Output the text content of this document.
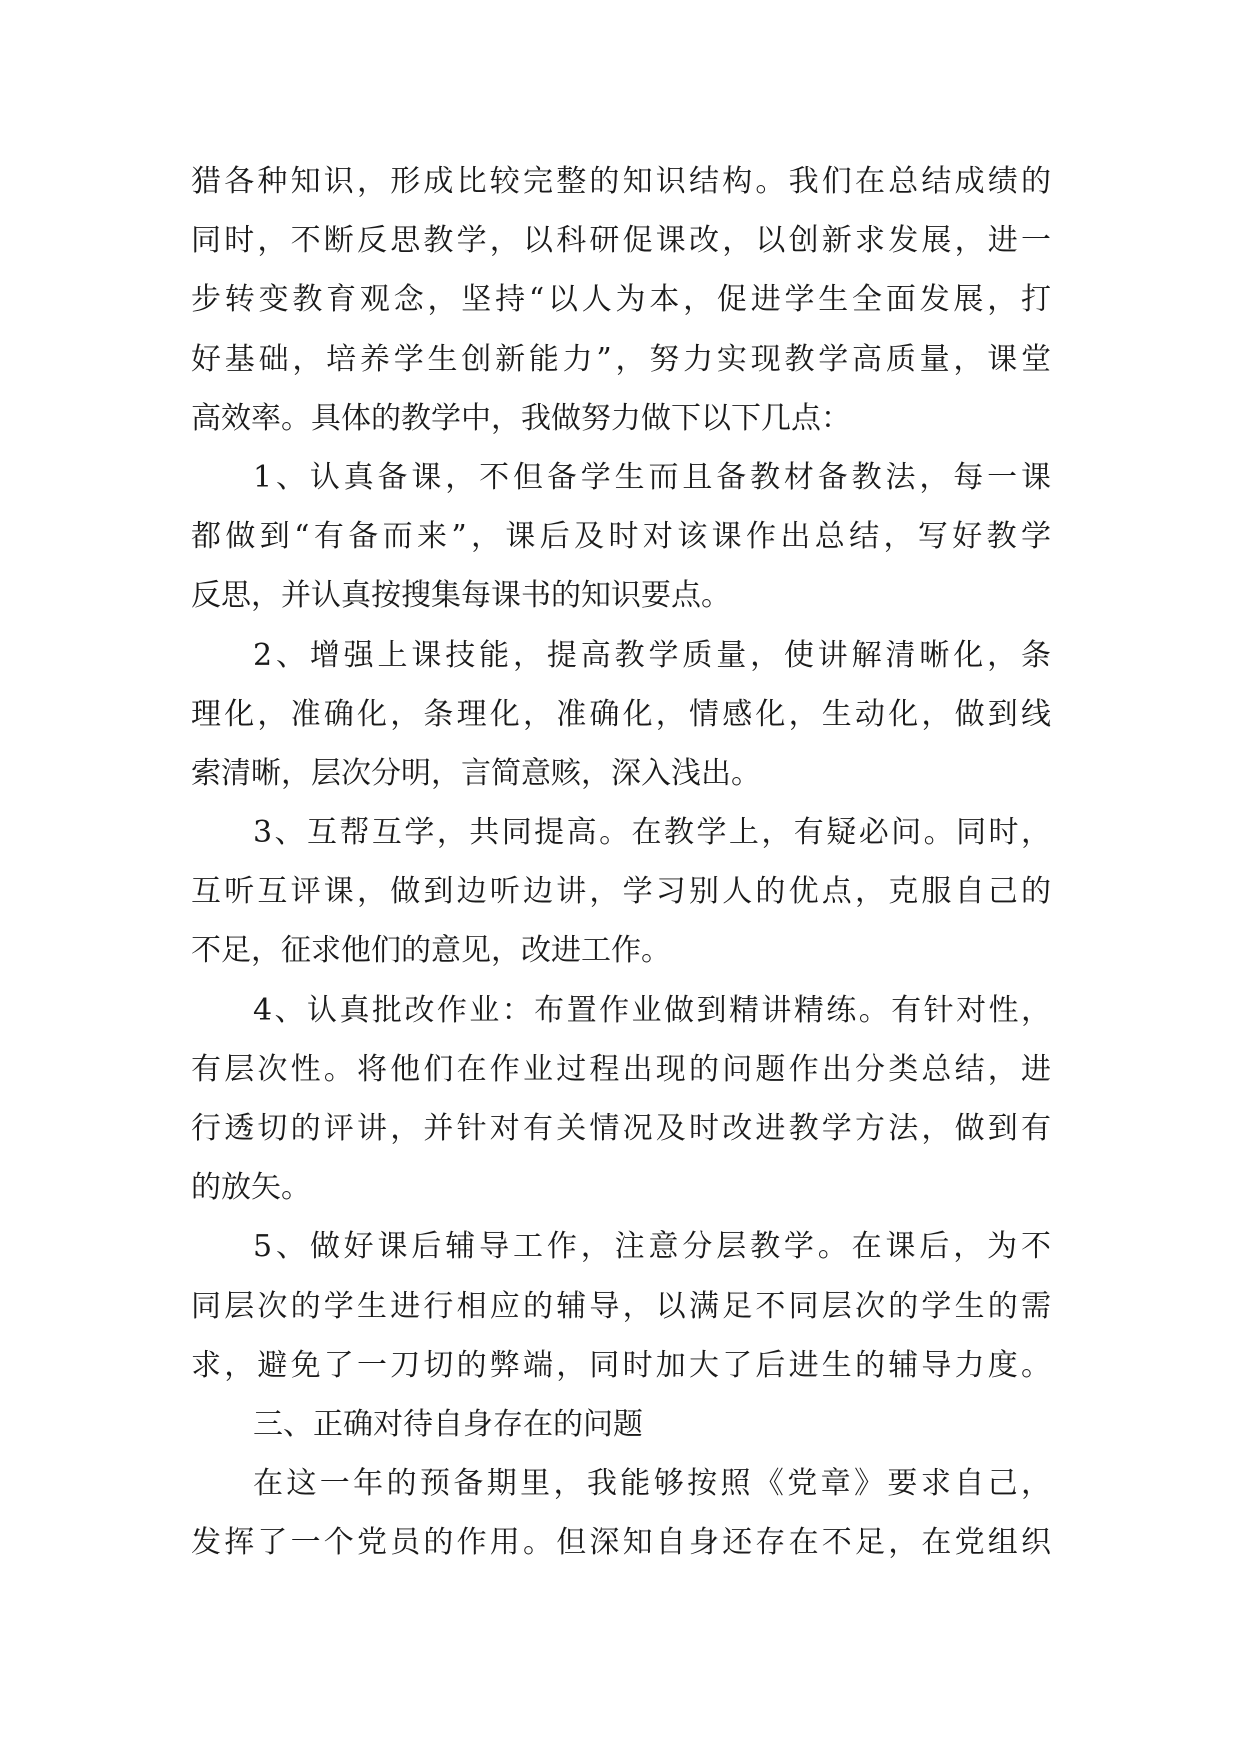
猎各种知识，形成比较完整的知识结构。我们在总结成绩的
同时，不断反思教学，以科研促课改，以创新求发展，进一
步转变教育观念，坚持“以人为本，促进学生全面发展，打
好基础，培养学生创新能力”，努力实现教学高质量，课堂
高效率。具体的教学中，我做努力做下以下几点：
1、认真备课，不但备学生而且备教材备教法，每一课
都做到“有备而来”，课后及时对该课作出总结，写好教学
反思，并认真按搜集每课书的知识要点。
2、增强上课技能，提高教学质量，使讲解清晰化，条
理化，准确化，条理化，准确化，情感化，生动化，做到线
索清晰，层次分明，言简意赅，深入浅出。
3、互帮互学，共同提高。在教学上，有疑必问。同时，
互听互评课，做到边听边讲，学习别人的优点，克服自己的
不足，征求他们的意见，改进工作。
4、认真批改作业：布置作业做到精讲精练。有针对性，
有层次性。将他们在作业过程出现的问题作出分类总结，进
行透切的评讲，并针对有关情况及时改进教学方法，做到有
的放矢。
5、做好课后辅导工作，注意分层教学。在课后，为不
同层次的学生进行相应的辅导，以满足不同层次的学生的需
求，避免了一刀切的弊端，同时加大了后进生的辅导力度。
三、正确对待自身存在的问题
在这一年的预备期里，我能够按照《党章》要求自己，
发挥了一个党员的作用。但深知自身还存在不足，在党组织
